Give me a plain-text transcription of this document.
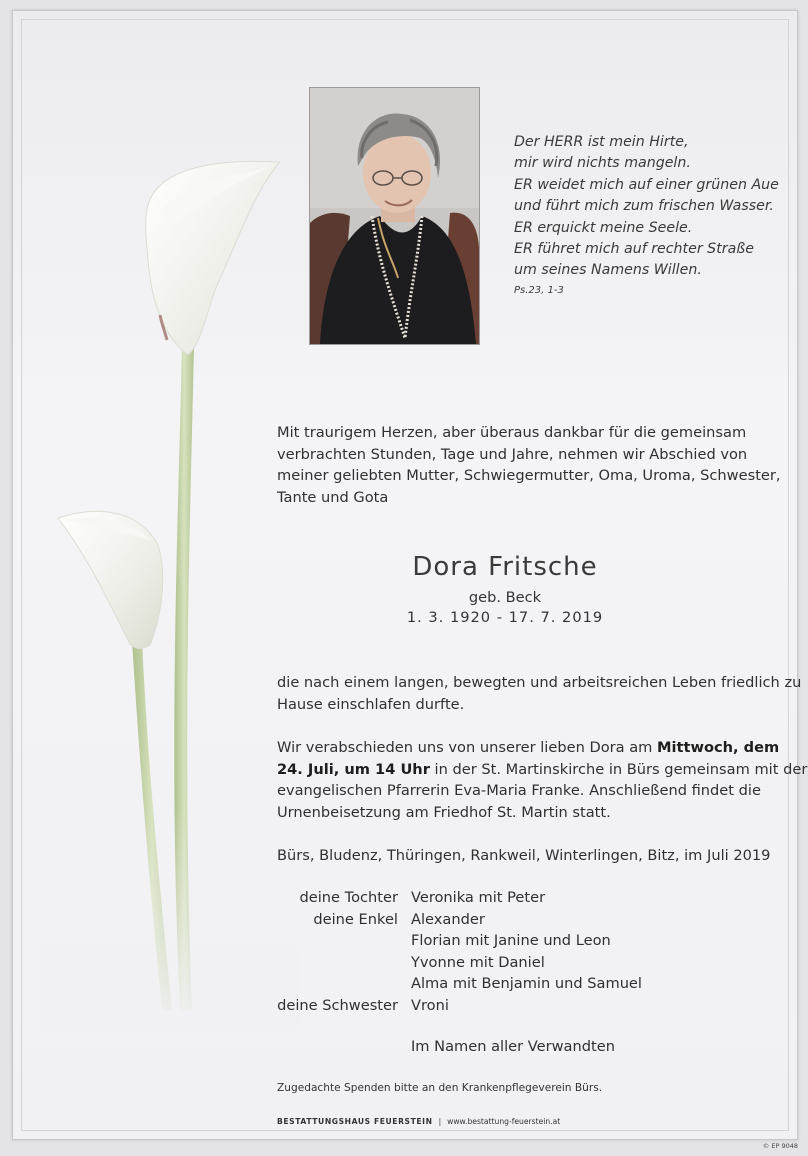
Der HERR ist mein Hirte,
mir wird nichts mangeln.
ER weidet mich auf einer grünen Aue
und führt mich zum frischen Wasser.
ER erquickt meine Seele.
ER führet mich auf rechter Straße
um seines Namens Willen.
Ps.23, 1-3
Mit traurigem Herzen, aber überaus dankbar für die gemeinsam
verbrachten Stunden, Tage und Jahre, nehmen wir Abschied von
meiner geliebten Mutter, Schwiegermutter, Oma, Uroma, Schwester,
Tante und Gota
Dora Fritsche
geb. Beck
1. 3. 1920 - 17. 7. 2019
die nach einem langen, bewegten und arbeitsreichen Leben friedlich zu
Hause einschlafen durfte.
Wir verabschieden uns von unserer lieben Dora am Mittwoch, dem
24. Juli, um 14 Uhr in der St. Martinskirche in Bürs gemeinsam mit der
evangelischen Pfarrerin Eva-Maria Franke. Anschließend findet die
Urnenbeisetzung am Friedhof St. Martin statt.
Bürs, Bludenz, Thüringen, Rankweil, Winterlingen, Bitz, im Juli 2019
deine Tochter Veronika mit Peter
deine Enkel Alexander
Florian mit Janine und Leon
Yvonne mit Daniel
Alma mit Benjamin und Samuel
deine Schwester Vroni
Im Namen aller Verwandten
Zugedachte Spenden bitte an den Krankenpflegeverein Bürs.
BESTATTUNGSHAUS FEUERSTEIN | www.bestattung-feuerstein.at
© EP 9048
